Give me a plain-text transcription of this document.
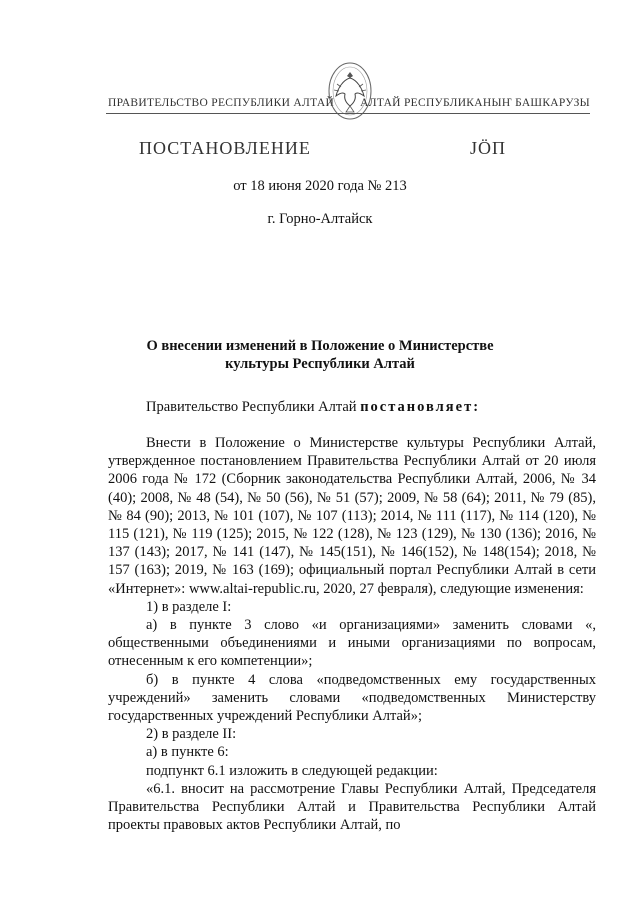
ПРАВИТЕЛЬСТВО РЕСПУБЛИКИ АЛТАЙ АЛТАЙ РЕСПУБЛИКАНЫҤ БАШКАРУЗЫ
ПОСТАНОВЛЕНИЕ	ЈӦП
от 18 июня 2020 года № 213
г. Горно-Алтайск
О внесении изменений в Положение о Министерстве
культуры Республики Алтай

Правительство Республики Алтай постановляет:

Внести в Положение о Министерстве культуры Республики Алтай, утвержденное постановлением Правительства Республики Алтай от 20 июля 2006 года № 172 (Сборник законодательства Республики Алтай, 2006, № 34 (40); 2008, № 48 (54), № 50 (56), № 51 (57); 2009, № 58 (64); 2011, № 79 (85), № 84 (90); 2013, № 101 (107), № 107 (113); 2014, № 111 (117), № 114 (120), № 115 (121), № 119 (125); 2015, № 122 (128), № 123 (129), № 130 (136); 2016, № 137 (143); 2017, № 141 (147), № 145(151), № 146(152), № 148(154); 2018, № 157 (163); 2019, № 163 (169); официальный портал Республики Алтай в сети «Интернет»: www.altai-republic.ru, 2020, 27 февраля), следующие изменения:

1) в разделе I:

а) в пункте 3 слово «и организациями» заменить словами «, общественными объединениями и иными организациями по вопросам, отнесенным к его компетенции»;

б) в пункте 4 слова «подведомственных ему государственных учреждений» заменить словами «подведомственных Министерству государственных учреждений Республики Алтай»;

2) в разделе II:

а) в пункте 6:

подпункт 6.1 изложить в следующей редакции:

«6.1. вносит на рассмотрение Главы Республики Алтай, Председателя Правительства Республики Алтай и Правительства Республики Алтай проекты правовых актов Республики Алтай, по
